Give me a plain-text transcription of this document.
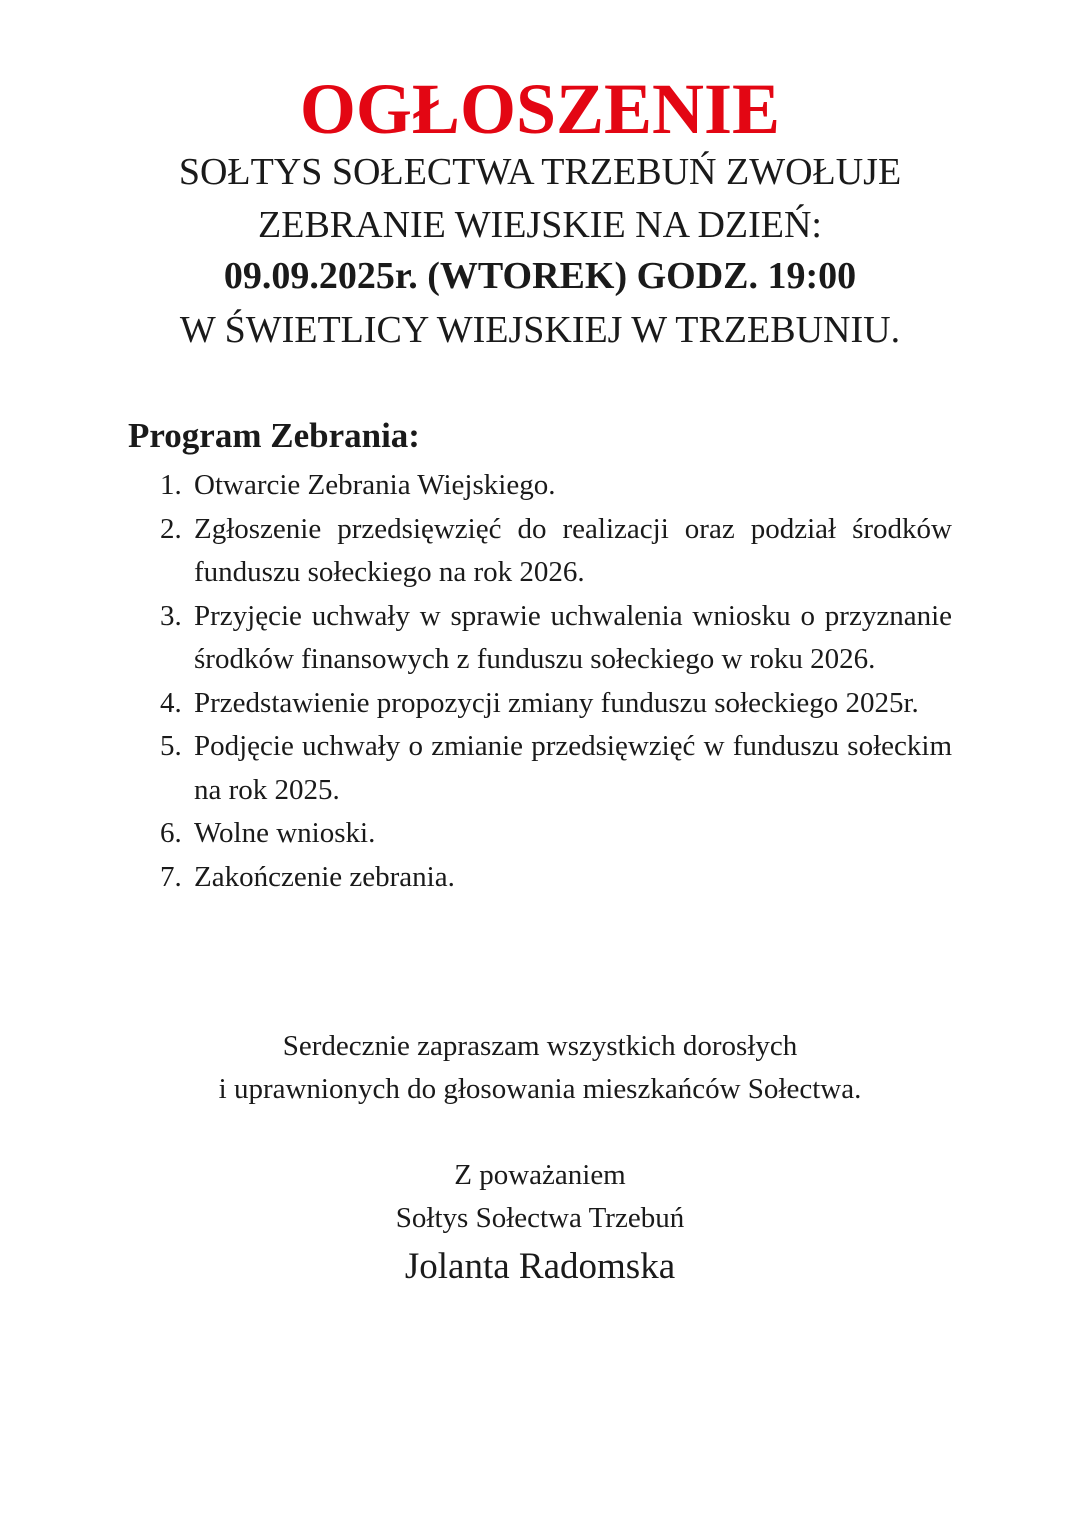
OGŁOSZENIE

SOŁTYS SOŁECTWA TRZEBUŃ ZWOŁUJE

ZEBRANIE WIEJSKIE NA DZIEŃ:

09.09.2025r. (WTOREK) GODZ. 19:00

W ŚWIETLICY WIEJSKIEJ W TRZEBUNIU.

Program Zebrania:
1. Otwarcie Zebrania Wiejskiego.
2. Zgłoszenie przedsięwzięć do realizacji oraz podział środków funduszu sołeckiego na rok 2026.
3. Przyjęcie uchwały w sprawie uchwalenia wniosku o przyznanie środków finansowych z funduszu sołeckiego w roku 2026.
4. Przedstawienie propozycji zmiany funduszu sołeckiego 2025r.
5. Podjęcie uchwały o zmianie przedsięwzięć w funduszu sołeckim na rok 2025.
6. Wolne wnioski.
7. Zakończenie zebrania.

Serdecznie zapraszam wszystkich dorosłych
i uprawnionych do głosowania mieszkańców Sołectwa.

Z poważaniem
Sołtys Sołectwa Trzebuń

Jolanta Radomska
